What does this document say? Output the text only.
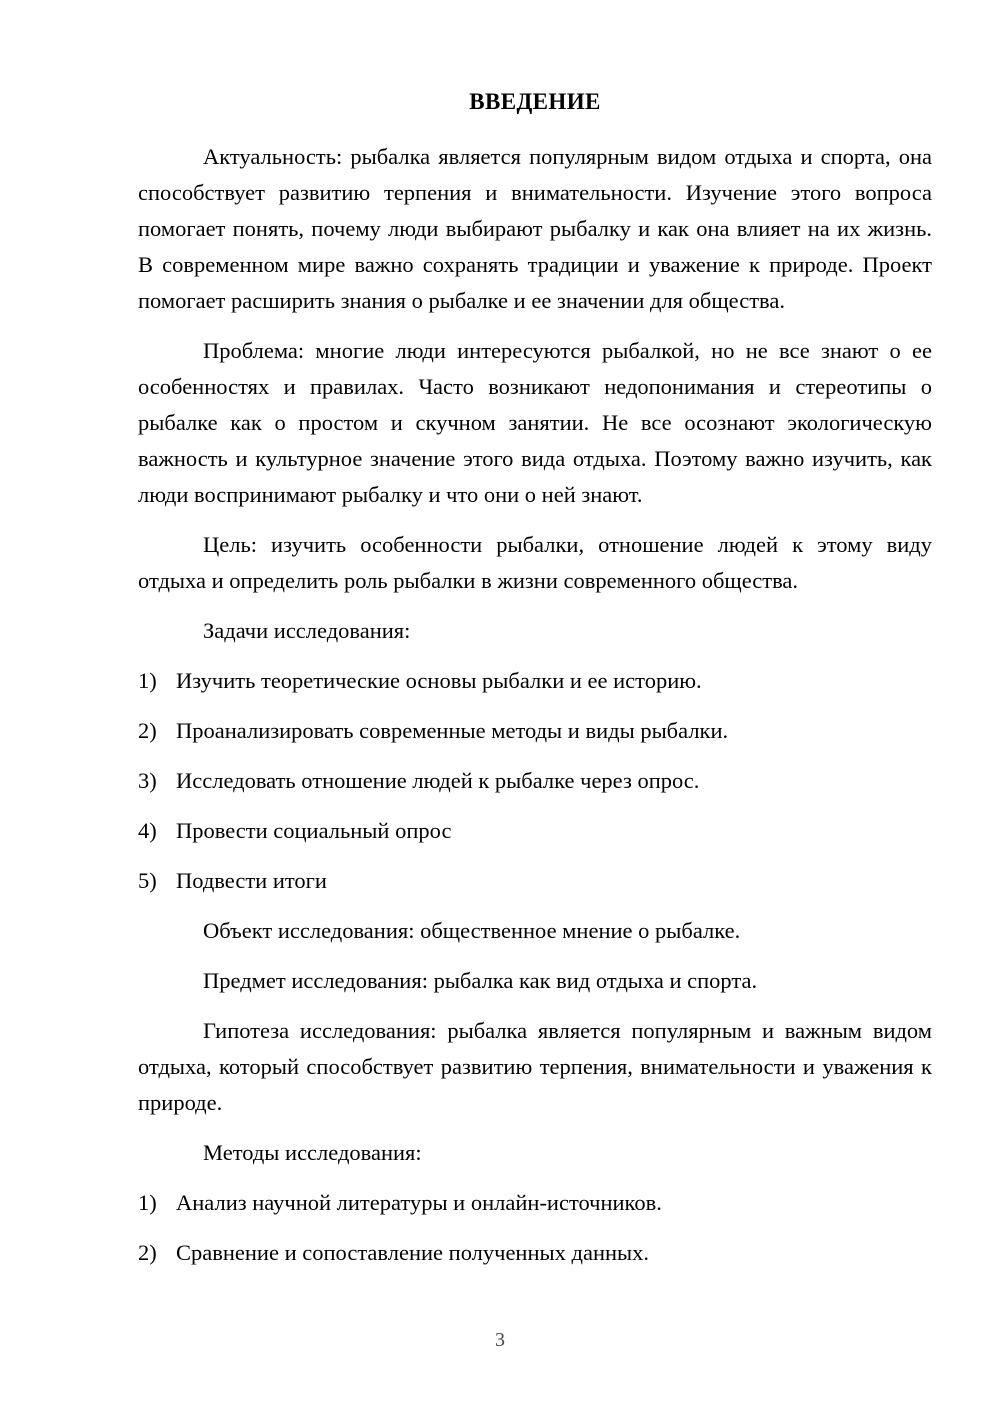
ВВЕДЕНИЕ

Актуальность: рыбалка является популярным видом отдыха и спорта, она способствует развитию терпения и внимательности. Изучение этого вопроса помогает понять, почему люди выбирают рыбалку и как она влияет на их жизнь. В современном мире важно сохранять традиции и уважение к природе. Проект помогает расширить знания о рыбалке и ее значении для общества.

Проблема: многие люди интересуются рыбалкой, но не все знают о ее особенностях и правилах. Часто возникают недопонимания и стереотипы о рыбалке как о простом и скучном занятии. Не все осознают экологическую важность и культурное значение этого вида отдыха. Поэтому важно изучить, как люди воспринимают рыбалку и что они о ней знают.

Цель: изучить особенности рыбалки, отношение людей к этому виду отдыха и определить роль рыбалки в жизни современного общества.

Задачи исследования:

1) Изучить теоретические основы рыбалки и ее историю.
2) Проанализировать современные методы и виды рыбалки.
3) Исследовать отношение людей к рыбалке через опрос.
4) Провести социальный опрос
5) Подвести итоги

Объект исследования: общественное мнение о рыбалке.

Предмет исследования: рыбалка как вид отдыха и спорта.

Гипотеза исследования: рыбалка является популярным и важным видом отдыха, который способствует развитию терпения, внимательности и уважения к природе.

Методы исследования:

1) Анализ научной литературы и онлайн-источников.
2) Сравнение и сопоставление полученных данных.
3
